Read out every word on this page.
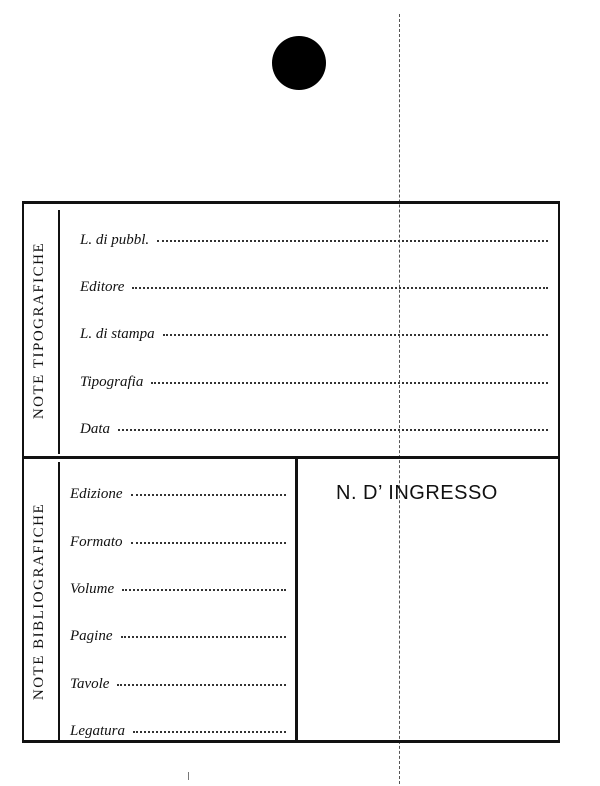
NOTE TIPOGRAFICHE
NOTE BIBLIOGRAFICHE
L. di pubbl.
Editore
L. di stampa
Tipografia
Data
Edizione
Formato
Volume
Pagine
Tavole
Legatura
N. D’ INGRESSO
